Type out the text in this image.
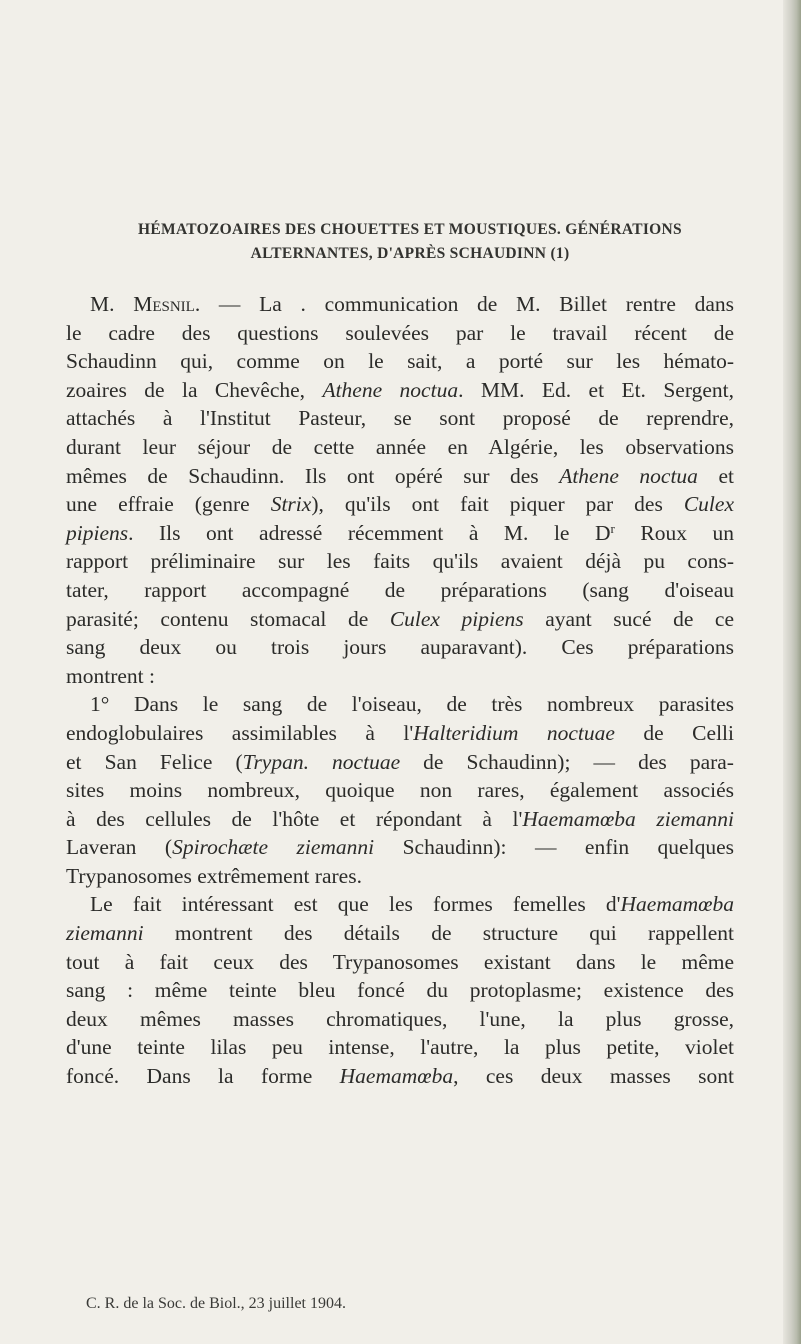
HÉMATOZOAIRES DES CHOUETTES ET MOUSTIQUES. GÉNÉRATIONS
ALTERNANTES, D'APRÈS SCHAUDINN (1)
M. Mesnil. — La . communication de M. Billet rentre dans
le cadre des questions soulevées par le travail récent de
Schaudinn qui, comme on le sait, a porté sur les hémato-
zoaires de la Chevêche, Athene noctua. MM. Ed. et Et. Sergent,
attachés à l'Institut Pasteur, se sont proposé de reprendre,
durant leur séjour de cette année en Algérie, les observations
mêmes de Schaudinn. Ils ont opéré sur des Athene noctua et
une effraie (genre Strix), qu'ils ont fait piquer par des Culex
pipiens. Ils ont adressé récemment à M. le $D^r$ Roux un
rapport préliminaire sur les faits qu'ils avaient déjà pu cons-
tater, rapport accompagné de préparations (sang d'oiseau
parasité; contenu stomacal de Culex pipiens ayant sucé de ce
sang deux ou trois jours auparavant). Ces préparations
montrent :
1° Dans le sang de l'oiseau, de très nombreux parasites
endoglobulaires assimilables à l'Halteridium noctuae de Celli
et San Felice (Trypan. noctuae de Schaudinn); — des para-
sites moins nombreux, quoique non rares, également associés
à des cellules de l'hôte et répondant à l'Haemamœba ziemanni
Laveran (Spirochæte ziemanni Schaudinn): — enfin quelques
Trypanosomes extrêmement rares.
Le fait intéressant est que les formes femelles d'Haemamœba
ziemanni montrent des détails de structure qui rappellent
tout à fait ceux des Trypanosomes existant dans le même
sang : même teinte bleu foncé du protoplasme; existence des
deux mêmes masses chromatiques, l'une, la plus grosse,
d'une teinte lilas peu intense, l'autre, la plus petite, violet
foncé. Dans la forme Haemamœba, ces deux masses sont
C. R. de la Soc. de Biol., 23 juillet 1904.
